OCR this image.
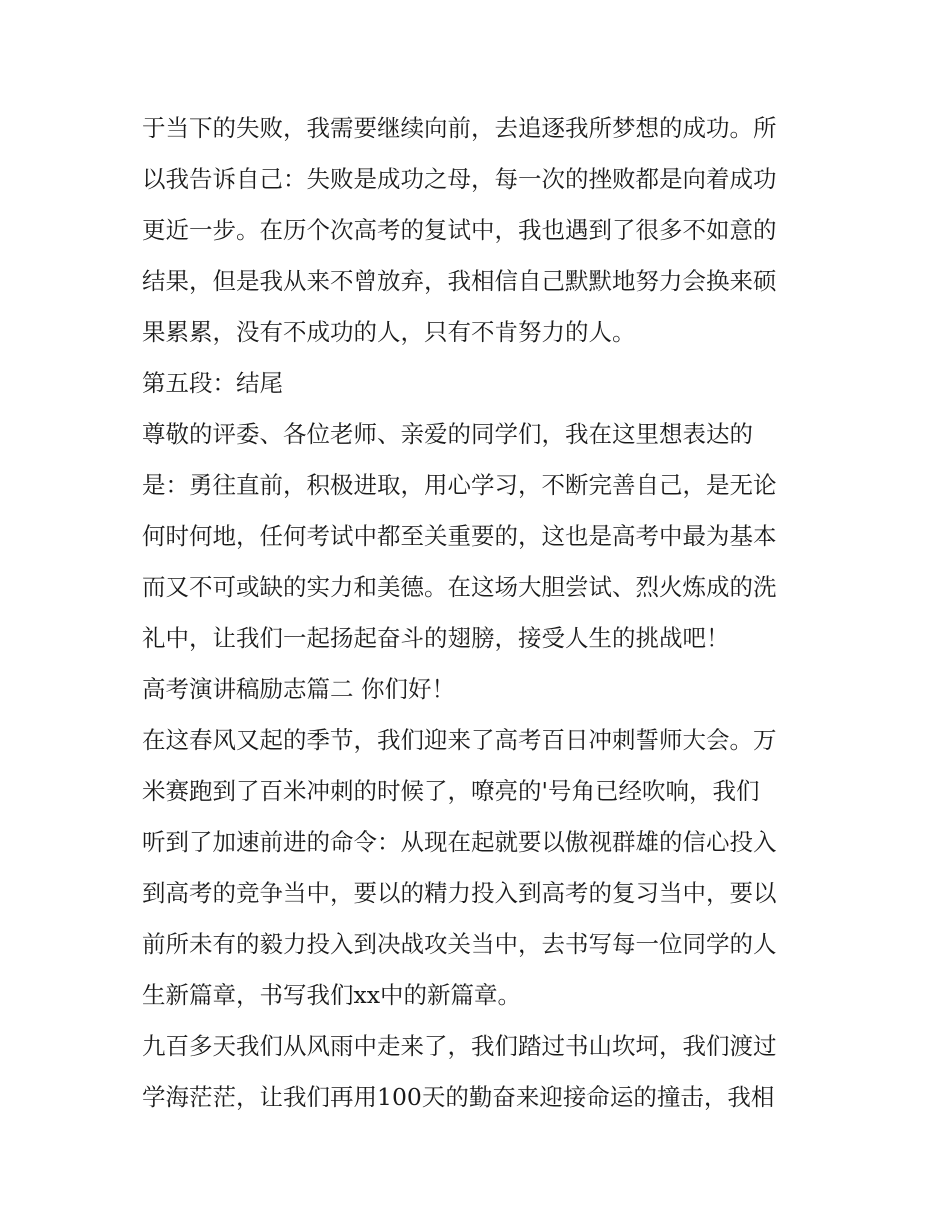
于当下的失败，我需要继续向前，去追逐我所梦想的成功。所
以我告诉自己：失败是成功之母，每一次的挫败都是向着成功
更近一步。在历个次高考的复试中，我也遇到了很多不如意的
结果，但是我从来不曾放弃，我相信自己默默地努力会换来硕
果累累，没有不成功的人，只有不肯努力的人。
第五段：结尾
尊敬的评委、各位老师、亲爱的同学们，我在这里想表达的
是：勇往直前，积极进取，用心学习，不断完善自己，是无论
何时何地，任何考试中都至关重要的，这也是高考中最为基本
而又不可或缺的实力和美德。在这场大胆尝试、烈火炼成的洗
礼中，让我们一起扬起奋斗的翅膀，接受人生的挑战吧！
高考演讲稿励志篇二 你们好！
在这春风又起的季节，我们迎来了高考百日冲刺誓师大会。万
米赛跑到了百米冲刺的时候了，嘹亮的'号角已经吹响，我们
听到了加速前进的命令：从现在起就要以傲视群雄的信心投入
到高考的竞争当中，要以的精力投入到高考的复习当中，要以
前所未有的毅力投入到决战攻关当中，去书写每一位同学的人
生新篇章，书写我们xx中的新篇章。
九百多天我们从风雨中走来了，我们踏过书山坎坷，我们渡过
学海茫茫，让我们再用100天的勤奋来迎接命运的撞击，我相
